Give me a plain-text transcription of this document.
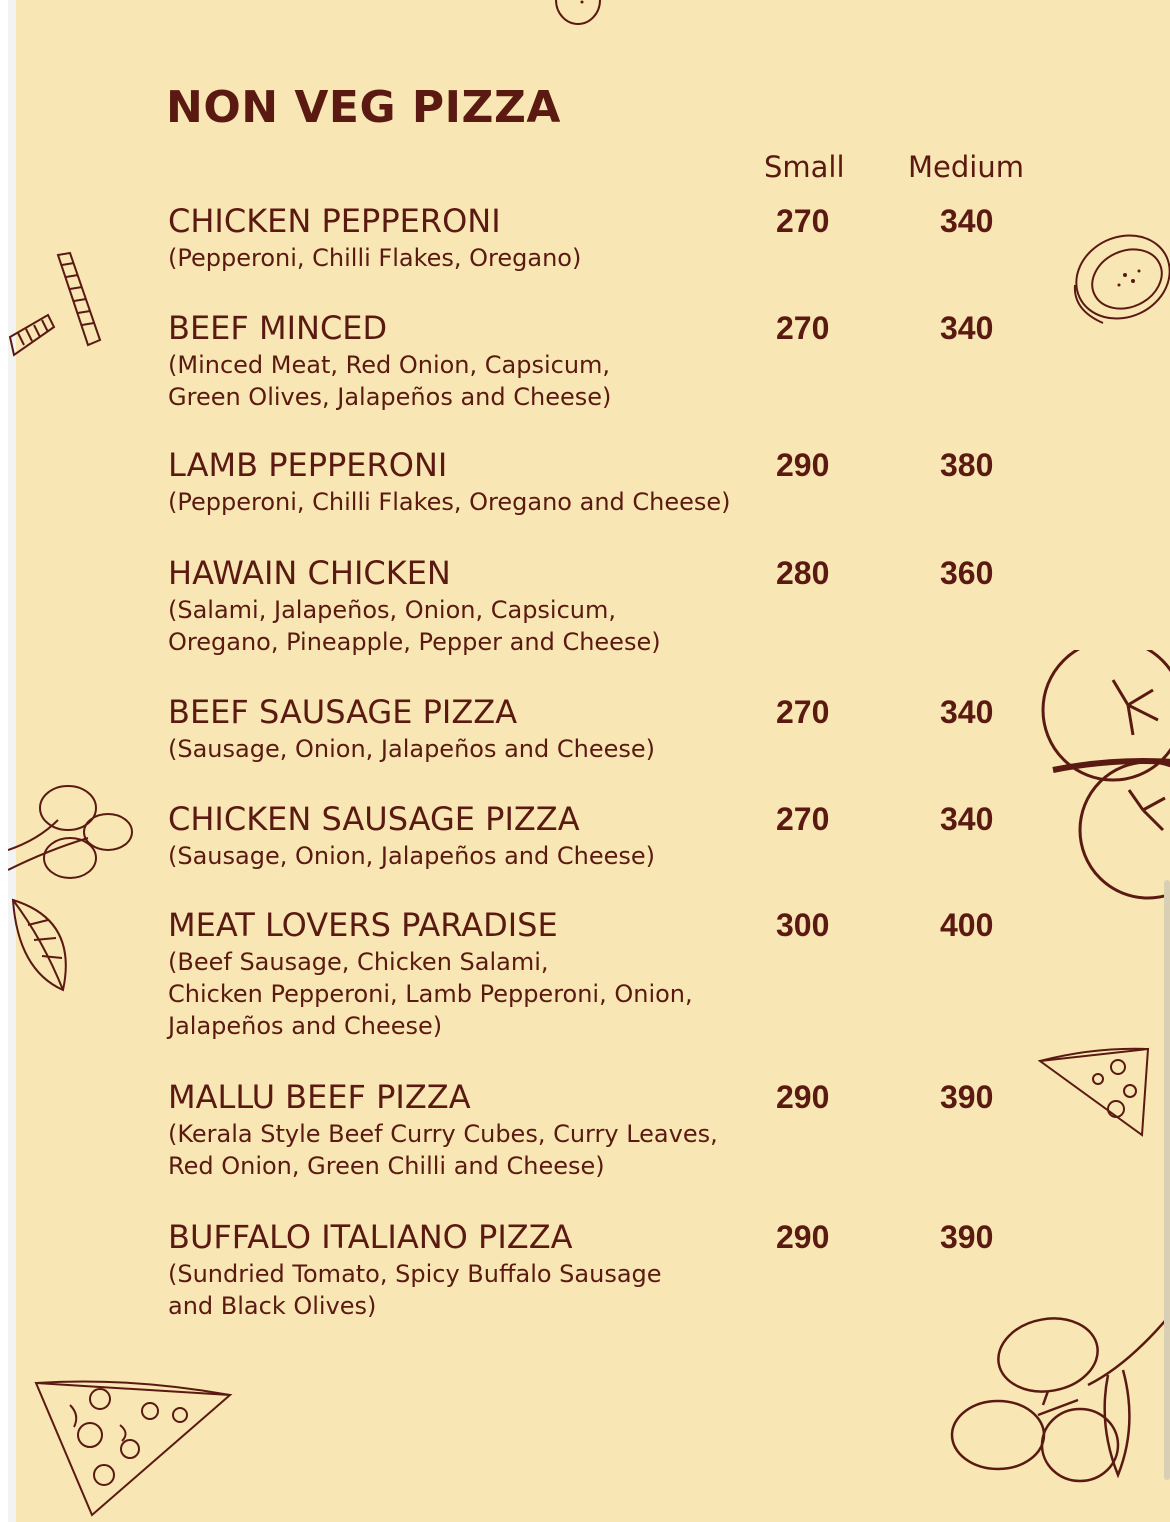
NON VEG PIZZA
Small Medium
CHICKEN PEPPERONI
(Pepperoni, Chilli Flakes, Oregano)
270	340
BEEF MINCED
(Minced Meat, Red Onion, Capsicum,
Green Olives, Jalapeños and Cheese)
270	340
LAMB PEPPERONI
(Pepperoni, Chilli Flakes, Oregano and Cheese)
290	380
HAWAIN CHICKEN
(Salami, Jalapeños, Onion, Capsicum,
Oregano, Pineapple, Pepper and Cheese)
280	360
BEEF SAUSAGE PIZZA
(Sausage, Onion, Jalapeños and Cheese)
270	340
CHICKEN SAUSAGE PIZZA
(Sausage, Onion, Jalapeños and Cheese)
270	340
MEAT LOVERS PARADISE
(Beef Sausage, Chicken Salami,
Chicken Pepperoni, Lamb Pepperoni, Onion,
Jalapeños and Cheese)
300	400
MALLU BEEF PIZZA
(Kerala Style Beef Curry Cubes, Curry Leaves,
Red Onion, Green Chilli and Cheese)
290	390
BUFFALO ITALIANO PIZZA
(Sundried Tomato, Spicy Buffalo Sausage
and Black Olives)
290	390
